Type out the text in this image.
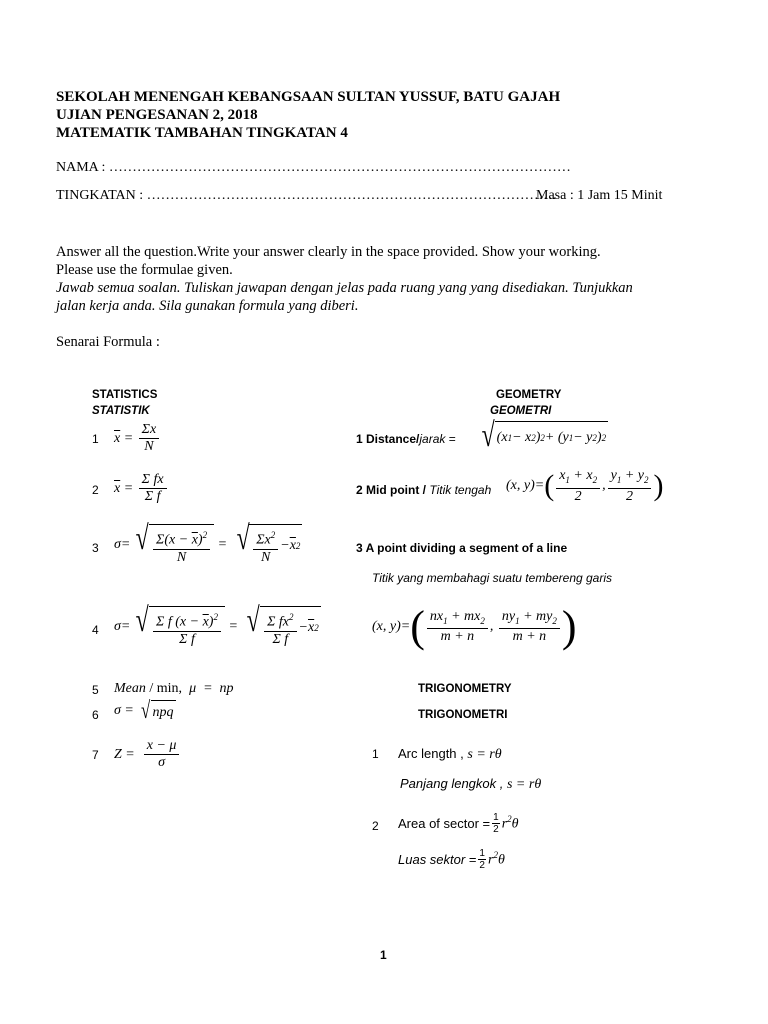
SEKOLAH MENENGAH KEBANGSAAN SULTAN YUSSUF, BATU GAJAH
UJIAN PENGESANAN 2, 2018
MATEMATIK TAMBAHAN TINGKATAN 4
NAMA : ………………………………………………………………………………………
TINGKATAN : …………………………………………………………………………….
Masa : 1 Jam 15 Minit
Answer all the question.Write your answer clearly in the space provided. Show your working.
Please use the formulae given.
Jawab semua soalan. Tuliskan jawapan dengan jelas pada ruang yang yang disediakan. Tunjukkan
jalan kerja anda. Sila gunakan formula yang diberi.
Senarai Formula :
STATISTICS
STATISTIK
1 $\overline{x} = \frac{\Sigma x}{N}$
2 $\overline{x} = \frac{\text{Σ fx}}{\text{Σ f}}$
3 σ= √ $\frac{\Sigma(x - \overline{x})^2}{N}$ = √ $\frac{\Sigma x^2}{N} - \overline{x}$ 2
4 σ= √ $\frac{\Sigma f (x - \overline{x})^2}{\text{Σ f}}$ = √ $\frac{\Sigma fx^2}{\text{Σ f}} - \overline{x}$ 2
5 Mean / min,  μ  =  np
6 σ = √ npq
7 $Z = \frac{x - \mu}{\sigma}$
GEOMETRY
GEOMETRI
1 Distance/ jarak = √ (x 1 − x 2 ) 2 + (y 1 − y 2 ) 2
2 Mid point / Titik tengah (x, y)= ( $\frac{x_1 + x_2}{2}$ , $\frac{y_1 + y_2}{2}$ )
3 A point dividing a segment of a line
Titik yang membahagi suatu tembereng garis
(x, y)= ( $\frac{nx_1 + mx_2}{m + n}$ , $\frac{ny_1 + my_2}{m + n}$ )
TRIGONOMETRY
TRIGONOMETRI
1 Arc length , s = rθ
Panjang lengkok , s = rθ
2 Area of sector = $\frac{1}{2} r^2\theta$
Luas sektor = $\frac{1}{2} r^2\theta$
1
